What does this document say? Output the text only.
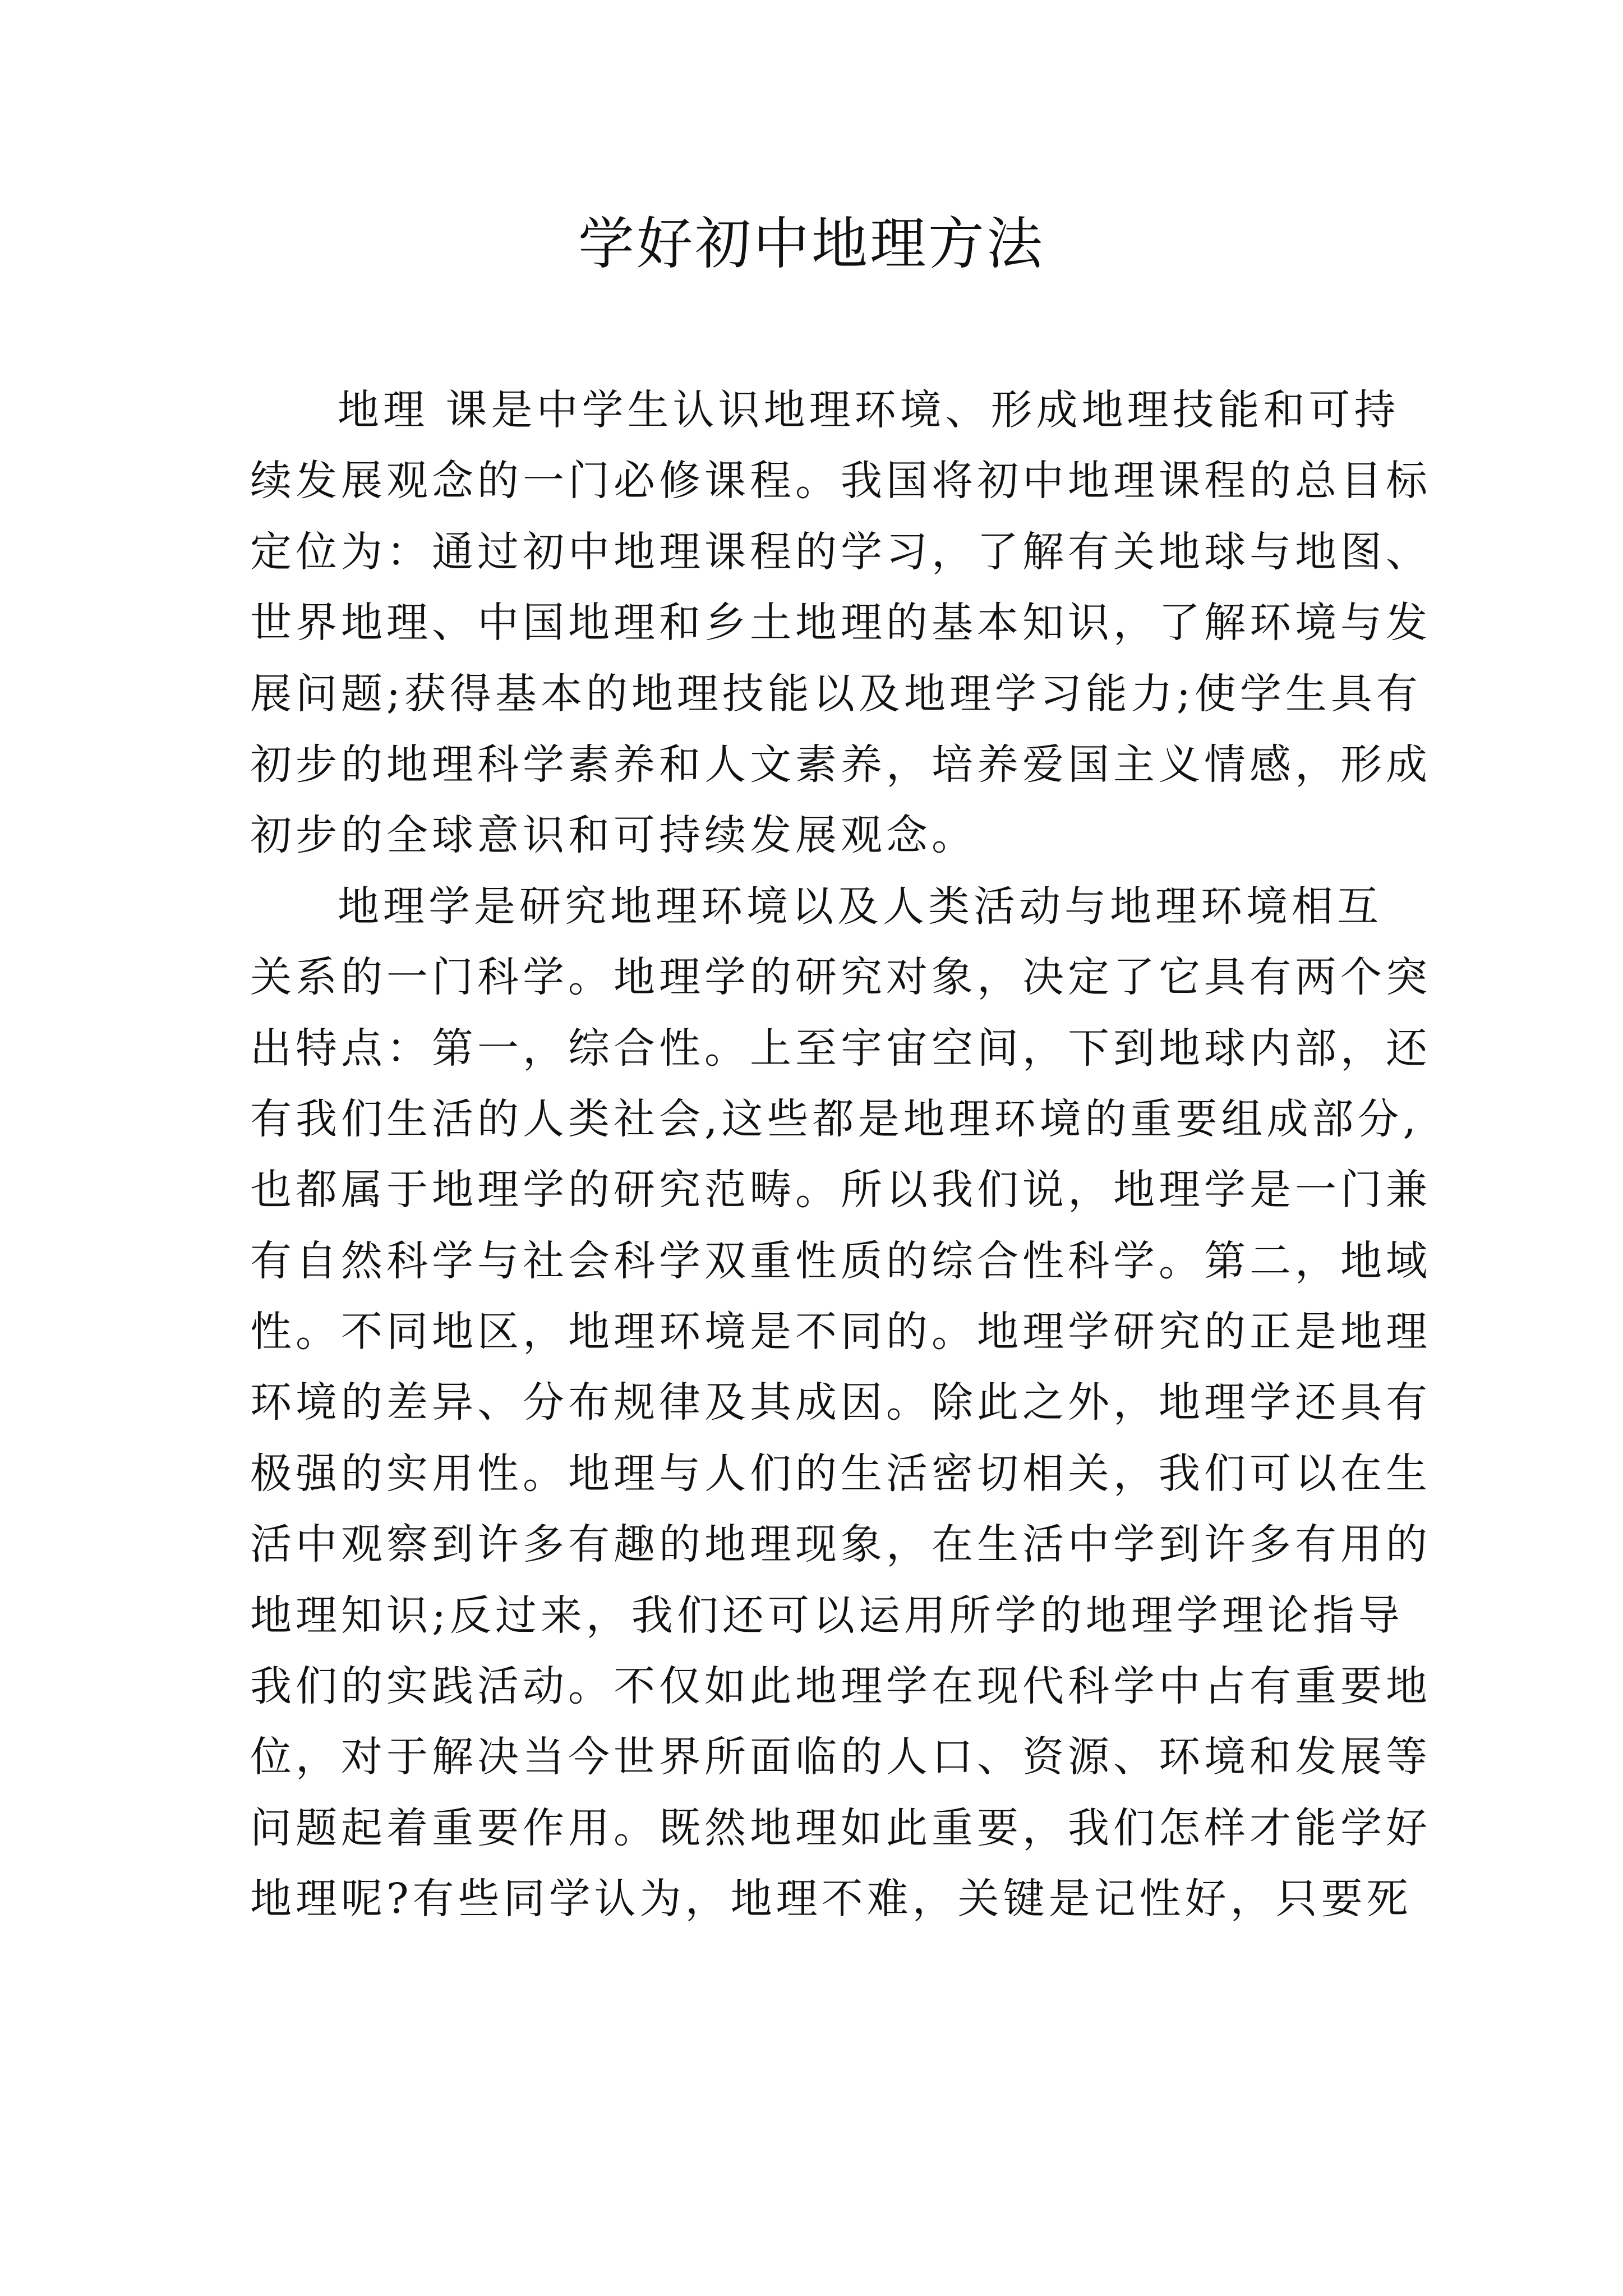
学好初中地理方法

地理 课是中学生认识地理环境、形成地理技能和可持

续发展观念的一门必修课程。我国将初中地理课程的总目标

定位为：通过初中地理课程的学习，了解有关地球与地图、

世界地理、中国地理和乡土地理的基本知识，了解环境与发

展问题;获得基本的地理技能以及地理学习能力;使学生具有

初步的地理科学素养和人文素养，培养爱国主义情感，形成

初步的全球意识和可持续发展观念。

地理学是研究地理环境以及人类活动与地理环境相互

关系的一门科学。地理学的研究对象，决定了它具有两个突

出特点：第一，综合性。上至宇宙空间，下到地球内部，还

有我们生活的人类社会,这些都是地理环境的重要组成部分,

也都属于地理学的研究范畴。所以我们说，地理学是一门兼

有自然科学与社会科学双重性质的综合性科学。第二，地域

性。不同地区，地理环境是不同的。地理学研究的正是地理

环境的差异、分布规律及其成因。除此之外，地理学还具有

极强的实用性。地理与人们的生活密切相关，我们可以在生

活中观察到许多有趣的地理现象，在生活中学到许多有用的

地理知识;反过来，我们还可以运用所学的地理学理论指导

我们的实践活动。不仅如此地理学在现代科学中占有重要地

位，对于解决当今世界所面临的人口、资源、环境和发展等

问题起着重要作用。既然地理如此重要，我们怎样才能学好

地理呢?有些同学认为，地理不难，关键是记性好，只要死
